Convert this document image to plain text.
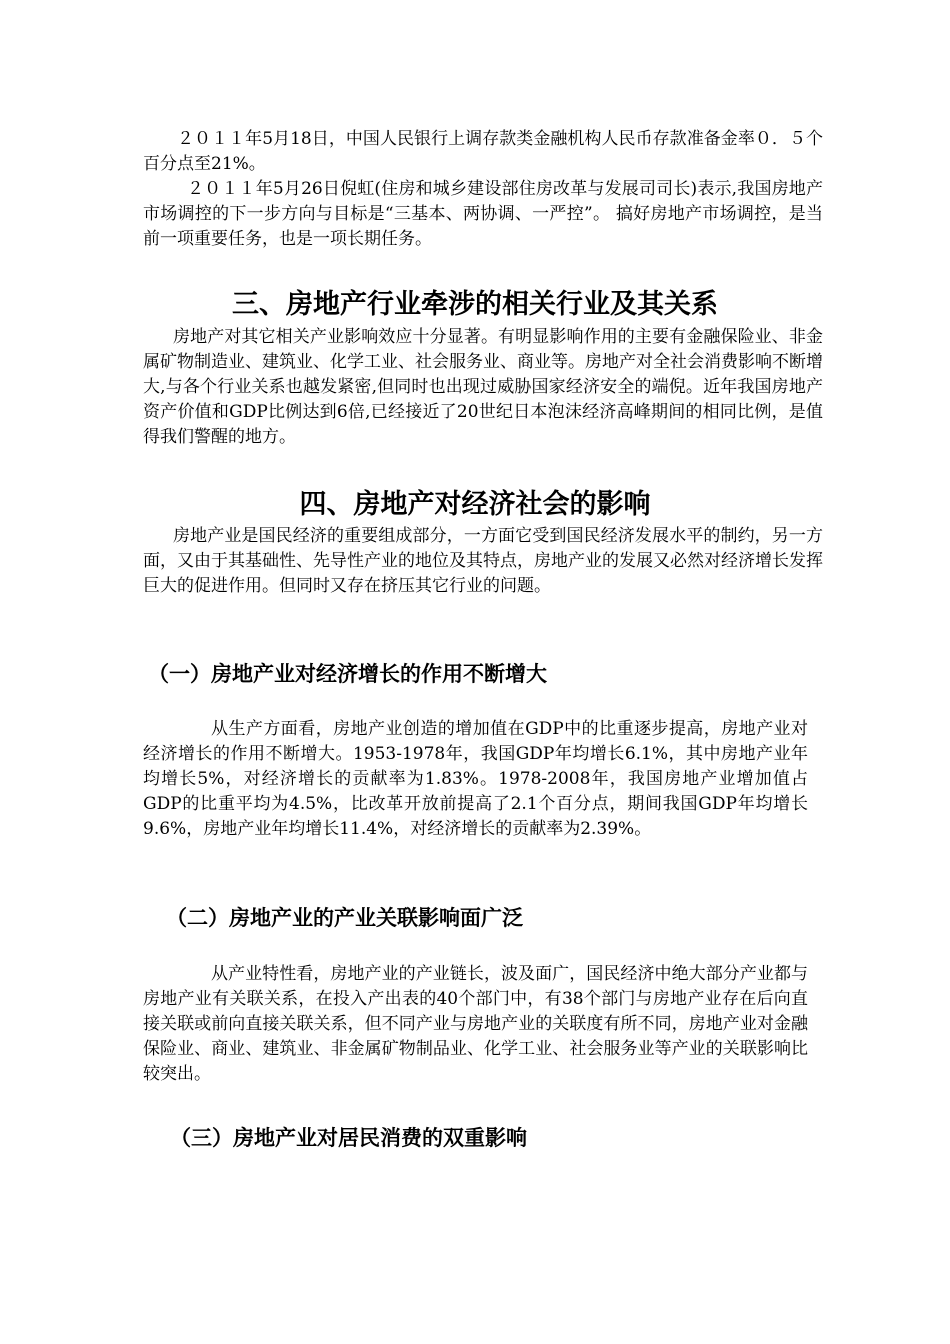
２０１１年5月18日，中国人民银行上调存款类金融机构人民币存款准备金率０．５个百分点至21%。

２０１１年5月26日倪虹(住房和城乡建设部住房改革与发展司司长)表示,我国房地产市场调控的下一步方向与目标是“三基本、两协调、一严控”。 搞好房地产市场调控，是当前一项重要任务，也是一项长期任务。

三、房地产行业牵涉的相关行业及其关系

房地产对其它相关产业影响效应十分显著。有明显影响作用的主要有金融保险业、非金属矿物制造业、建筑业、化学工业、社会服务业、商业等。房地产对全社会消费影响不断增大,与各个行业关系也越发紧密,但同时也出现过威胁国家经济安全的端倪。近年我国房地产资产价值和GDP比例达到6倍,已经接近了20世纪日本泡沫经济高峰期间的相同比例，是值得我们警醒的地方。

四、房地产对经济社会的影响

房地产业是国民经济的重要组成部分，一方面它受到国民经济发展水平的制约，另一方面，又由于其基础性、先导性产业的地位及其特点，房地产业的发展又必然对经济增长发挥巨大的促进作用。但同时又存在挤压其它行业的问题。

（一）房地产业对经济增长的作用不断增大

从生产方面看，房地产业创造的增加值在GDP中的比重逐步提高，房地产业对经济增长的作用不断增大。1953-1978年，我国GDP年均增长6.1%，其中房地产业年均增长5%，对经济增长的贡献率为1.83%。1978-2008年，我国房地产业增加值占GDP的比重平均为4.5%，比改革开放前提高了2.1个百分点，期间我国GDP年均增长9.6%，房地产业年均增长11.4%，对经济增长的贡献率为2.39%。

（二）房地产业的产业关联影响面广泛

从产业特性看，房地产业的产业链长，波及面广，国民经济中绝大部分产业都与房地产业有关联关系，在投入产出表的40个部门中，有38个部门与房地产业存在后向直接关联或前向直接关联关系，但不同产业与房地产业的关联度有所不同，房地产业对金融保险业、商业、建筑业、非金属矿物制品业、化学工业、社会服务业等产业的关联影响比较突出。

（三）房地产业对居民消费的双重影响
